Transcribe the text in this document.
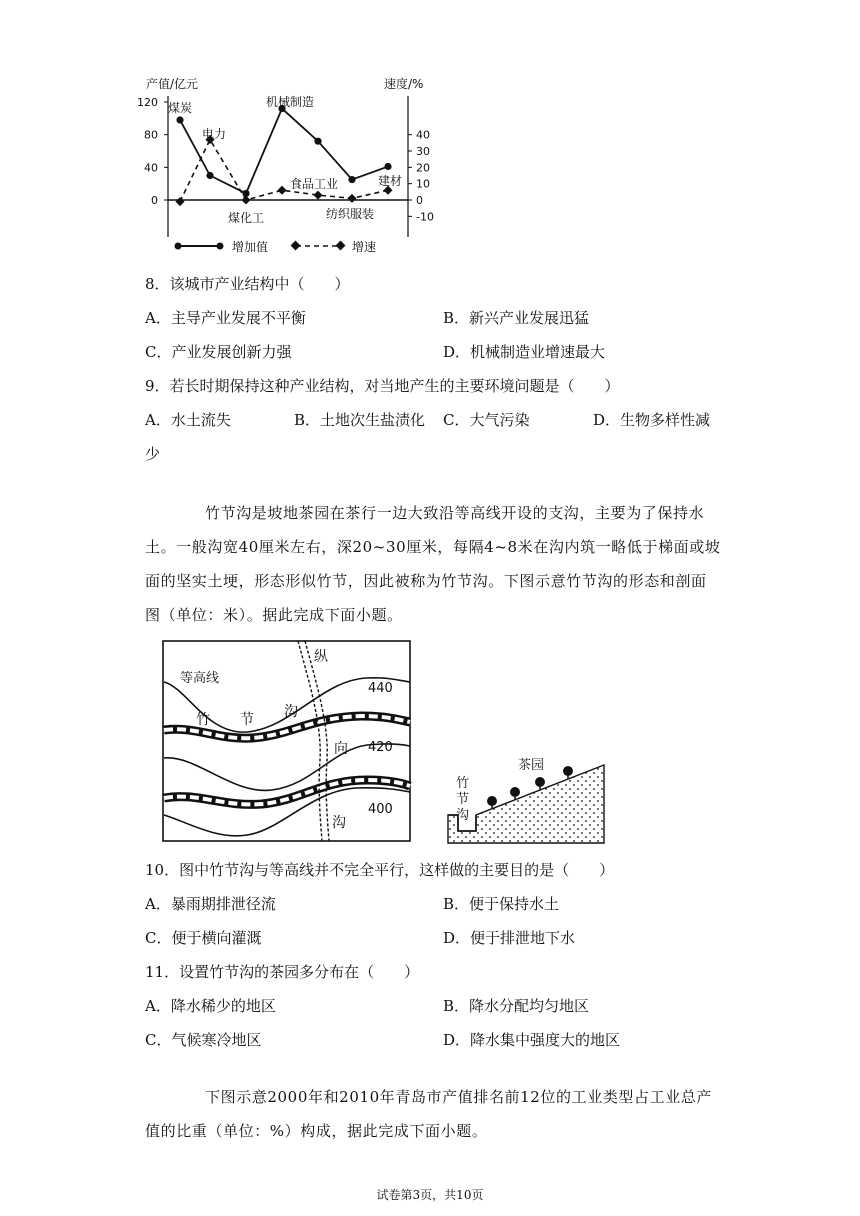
产值/亿元	速度/%
120
80
40
0
40
30
20
10
0
-10
煤炭
电力
煤化工
机械制造
食品工业
纺织服装
建材
增加值	增速
8．该城市产业结构中（　　）
A．主导产业发展不平衡	B．新兴产业发展迅猛
C．产业发展创新力强	D．机械制造业增速最大
9．若长时期保持这种产业结构，对当地产生的主要环境问题是（　　）
A．水土流失	B．土地次生盐渍化 C．大气污染	D．生物多样性减
少
竹节沟是坡地茶园在茶行一边大致沿等高线开设的支沟，主要为了保持水土。一般沟宽40厘米左右，深20~30厘米，每隔4~8米在沟内筑一略低于梯面或坡面的坚实土埂，形态形似竹节，因此被称为竹节沟。下图示意竹节沟的形态和剖面图（单位：米）。据此完成下面小题。
等高线
竹 节 沟
纵
向
沟
440
420
400
茶园
竹
节
沟
10．图中竹节沟与等高线并不完全平行，这样做的主要目的是（　　）
A．暴雨期排泄径流	B．便于保持水土
C．便于横向灌溉	D．便于排泄地下水
11．设置竹节沟的茶园多分布在（　　）
A．降水稀少的地区	B．降水分配均匀地区
C．气候寒冷地区	D．降水集中强度大的地区
下图示意2000年和2010年青岛市产值排名前12位的工业类型占工业总产值的比重（单位：%）构成，据此完成下面小题。
试卷第3页，共10页
